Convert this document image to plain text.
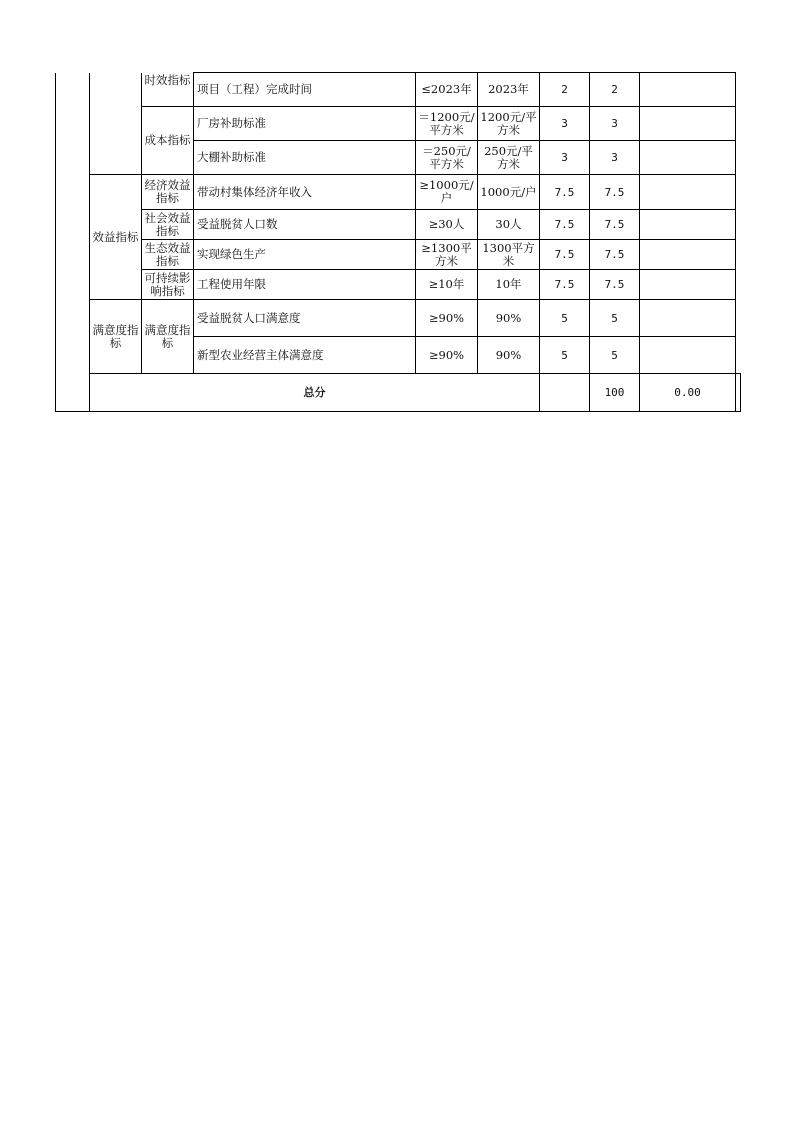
		时效指标	项目（工程）完成时间	≤2023年	2023年	2	2		
		成本指标	厂房补助标准	＝1200元/平方米	1200元/平方米	3	3		
			大棚补助标准	＝250元/平方米	250元/平方米	3	3		
	效益指标	经济效益指标	带动村集体经济年收入	≥1000元/户	1000元/户	7.5	7.5		
		社会效益指标	受益脱贫人口数	≥30人	30人	7.5	7.5		
		生态效益指标	实现绿色生产	≥1300平方米	1300平方米	7.5	7.5		
		可持续影响指标	工程使用年限	≥10年	10年	7.5	7.5		
	满意度指标	满意度指标	受益脱贫人口满意度	≥90%	90%	5	5		
			新型农业经营主体满意度	≥90%	90%	5	5		
	总分						100	0.00	
